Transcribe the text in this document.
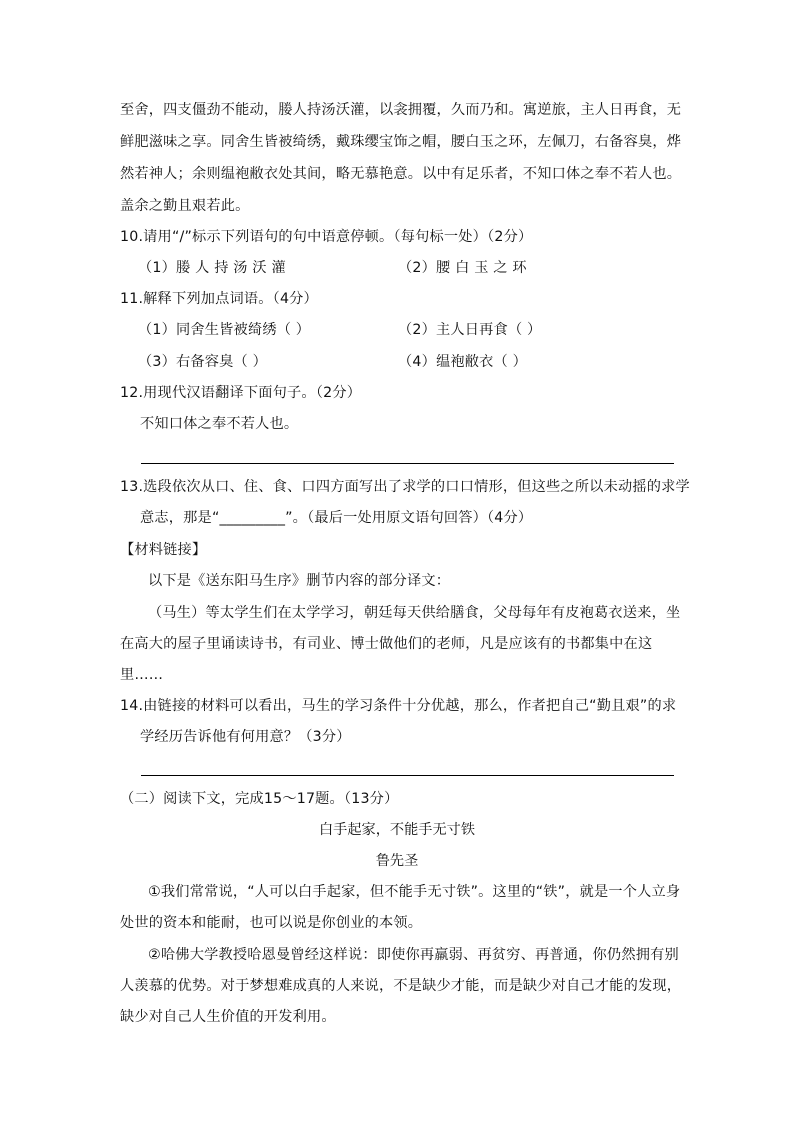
至舍，四支僵劲不能动，媵人持汤沃灌，以衾拥覆，久而乃和。寓逆旅，主人日再食，无
鲜肥滋味之享。同舍生皆被绮绣，戴珠缨宝饰之帽，腰白玉之环，左佩刀，右备容臭，烨
然若神人；余则缊袍敝衣处其间，略无慕艳意。以中有足乐者，不知口体之奉不若人也。
盖余之勤且艰若此。
10.请用“/”标示下列语句的句中语意停顿。（每句标一处）（2分）
（1）媵 人 持 汤 沃 灌	（2）腰 白 玉 之 环
11.解释下列加点词语。（4分）
（1）同舍生皆被绮绣（ ）	（2）主人日再食（ ）
（3）右备容臭（ ）	（4）缊袍敝衣（ ）
12.用现代汉语翻译下面句子。（2分）
不知口体之奉不若人也。
13.选段依次从口、住、食、口四方面写出了求学的口口情形，但这些之所以未动摇的求学
意志，那是“_________”。（最后一处用原文语句回答）（4分）
【材料链接】
以下是《送东阳马生序》删节内容的部分译文：
（马生）等太学生们在太学学习，朝廷每天供给膳食，父母每年有皮袍葛衣送来，坐
在高大的屋子里诵读诗书，有司业、博士做他们的老师，凡是应该有的书都集中在这
里……
14.由链接的材料可以看出，马生的学习条件十分优越，那么，作者把自己“勤且艰”的求
学经历告诉他有何用意？（3分）
（二）阅读下文，完成15～17题。（13分）
白手起家，不能手无寸铁
鲁先圣
①我们常常说，“人可以白手起家，但不能手无寸铁”。这里的“铁”，就是一个人立身
处世的资本和能耐，也可以说是你创业的本领。
②哈佛大学教授哈恩曼曾经这样说：即使你再羸弱、再贫穷、再普通，你仍然拥有别
人羡慕的优势。对于梦想难成真的人来说，不是缺少才能，而是缺少对自己才能的发现，
缺少对自己人生价值的开发利用。
